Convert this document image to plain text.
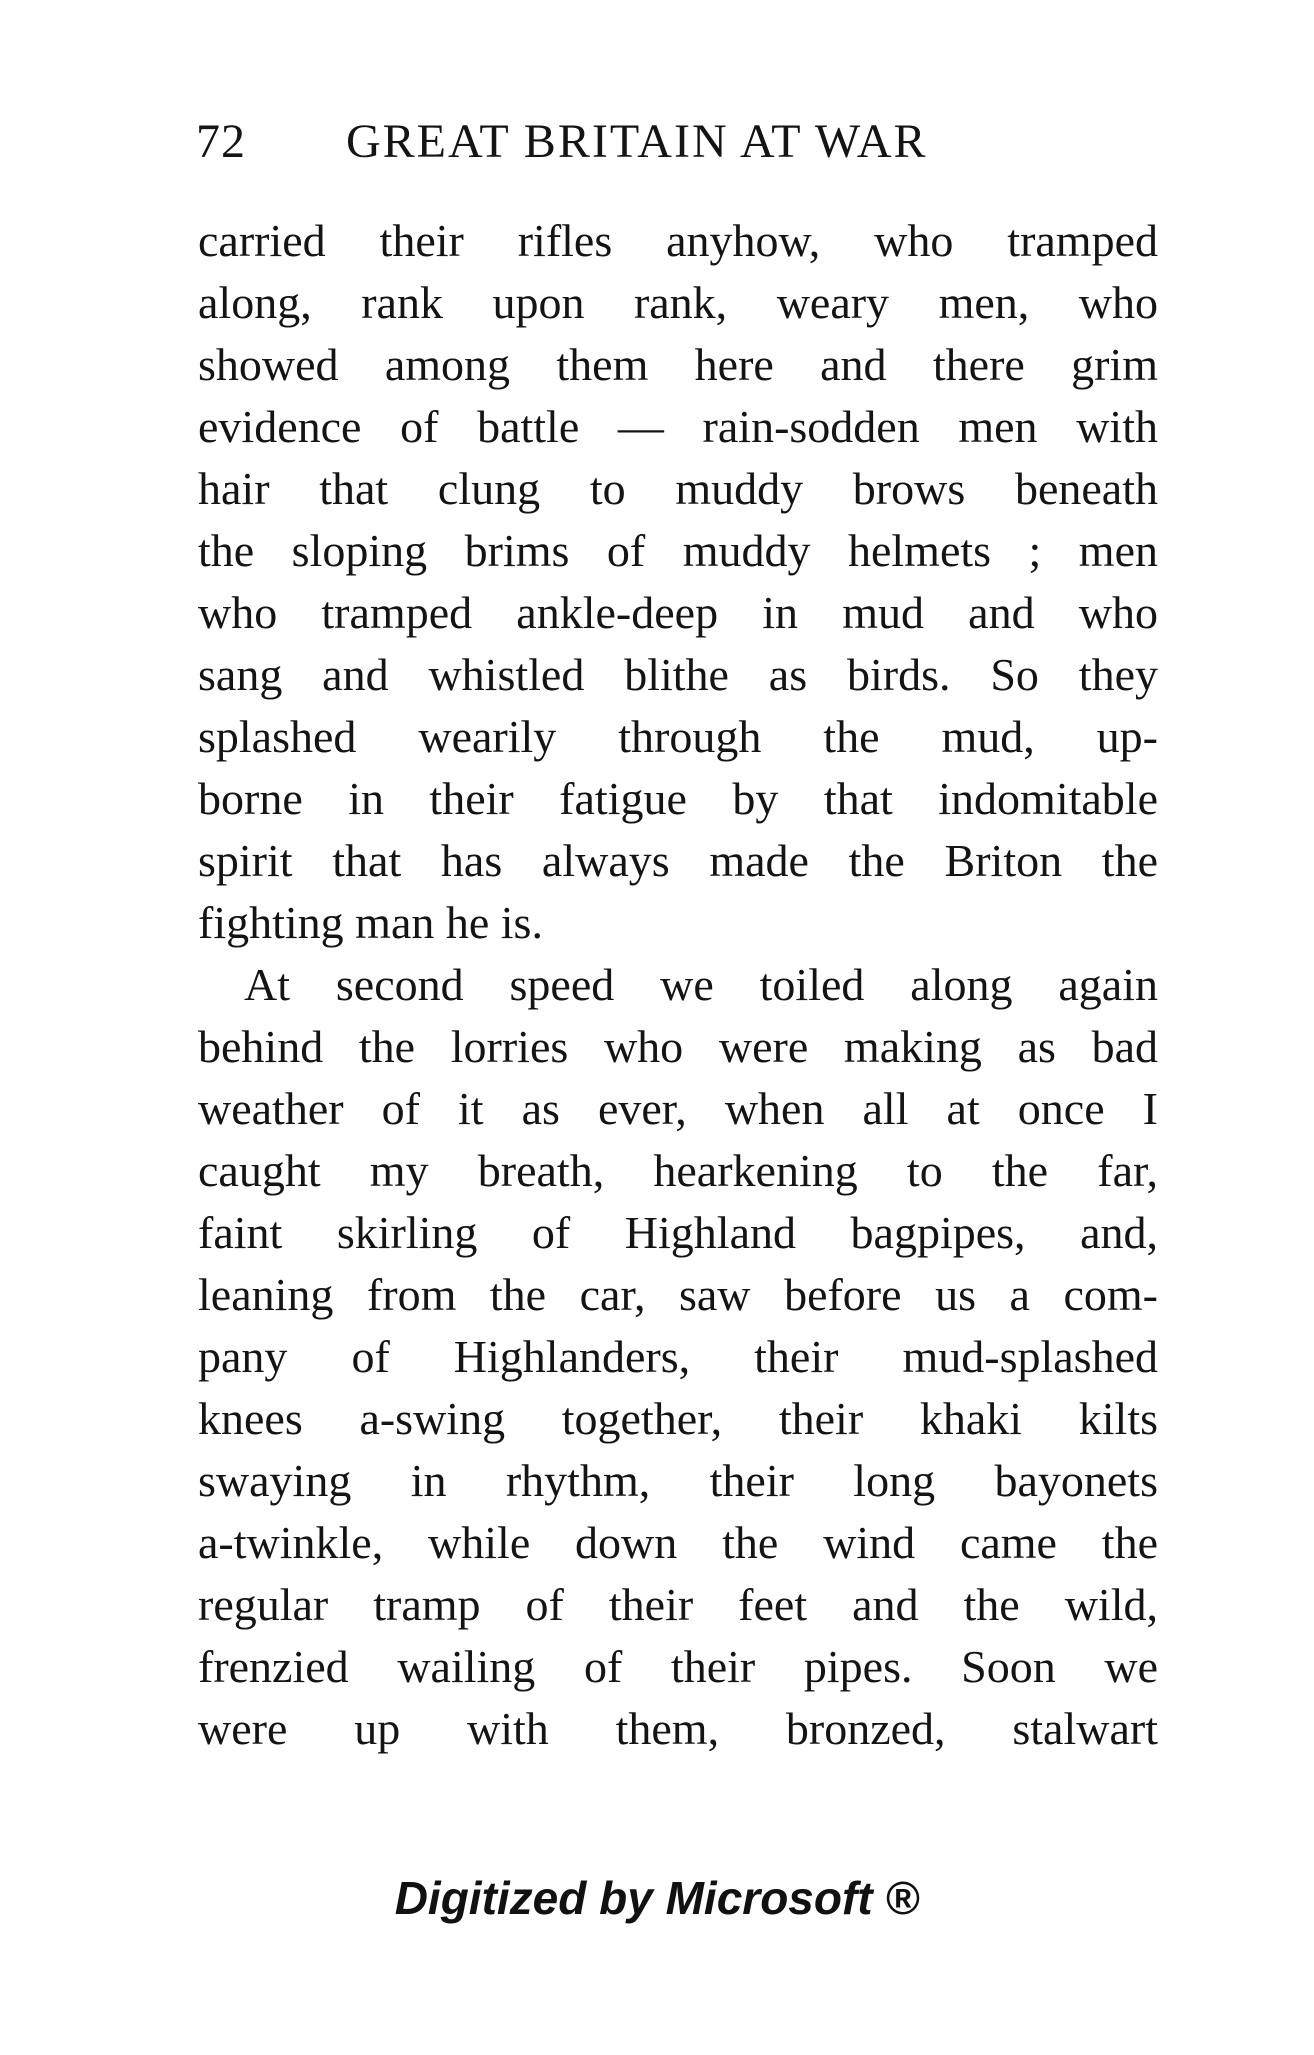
72 GREAT BRITAIN AT WAR
carried their rifles anyhow, who tramped
along, rank upon rank, weary men, who
showed among them here and there grim
evidence of battle — rain-sodden men with
hair that clung to muddy brows beneath
the sloping brims of muddy helmets ; men
who tramped ankle-deep in mud and who
sang and whistled blithe as birds. So they
splashed wearily through the mud, up-
borne in their fatigue by that indomitable
spirit that has always made the Briton the
fighting man he is.
At second speed we toiled along again
behind the lorries who were making as bad
weather of it as ever, when all at once I
caught my breath, hearkening to the far,
faint skirling of Highland bagpipes, and,
leaning from the car, saw before us a com-
pany of Highlanders, their mud-splashed
knees a-swing together, their khaki kilts
swaying in rhythm, their long bayonets
a-twinkle, while down the wind came the
regular tramp of their feet and the wild,
frenzied wailing of their pipes. Soon we
were up with them, bronzed, stalwart
Digitized by Microsoft ®
